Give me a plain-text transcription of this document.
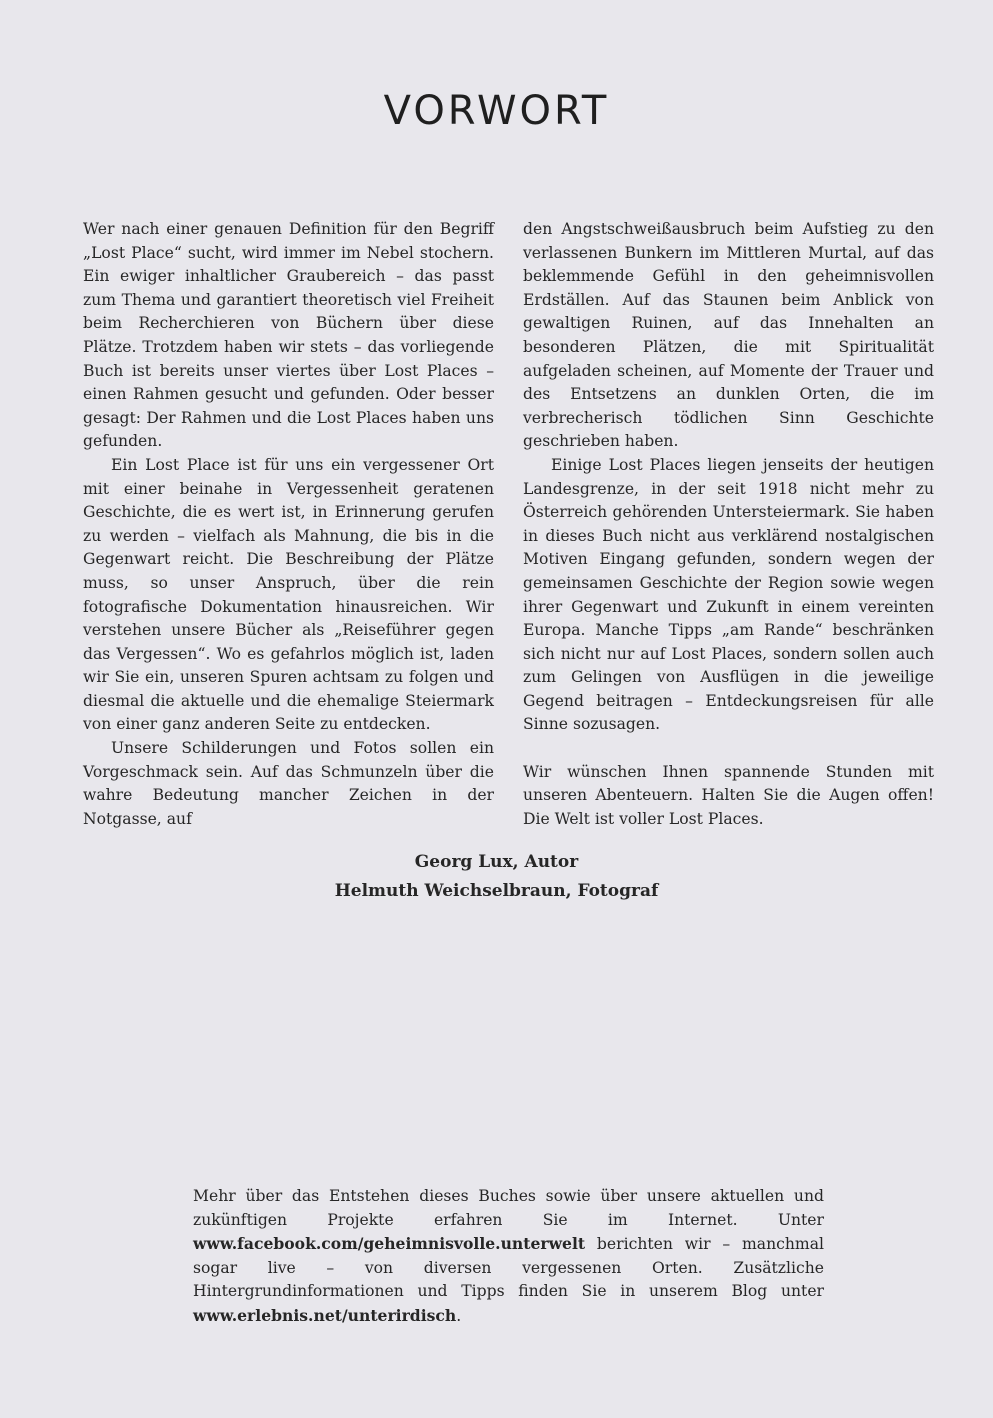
VORWORT

Wer nach einer genauen Definition für den Begriff „Lost Place“ sucht, wird immer im Nebel stochern. Ein ewiger inhaltlicher Graubereich – das passt zum Thema und garantiert theoretisch viel Freiheit beim Recherchieren von Büchern über diese Plätze. Trotzdem haben wir stets – das vorliegende Buch ist bereits unser viertes über Lost Places – einen Rahmen gesucht und gefunden. Oder besser gesagt: Der Rahmen und die Lost Places haben uns gefunden.

Ein Lost Place ist für uns ein vergessener Ort mit einer beinahe in Vergessenheit geratenen Geschichte, die es wert ist, in Erinnerung gerufen zu werden – vielfach als Mahnung, die bis in die Gegenwart reicht. Die Beschreibung der Plätze muss, so unser Anspruch, über die rein fotografische Dokumentation hinausreichen. Wir verstehen unsere Bücher als „Reiseführer gegen das Vergessen“. Wo es gefahrlos möglich ist, laden wir Sie ein, unseren Spuren achtsam zu folgen und diesmal die aktuelle und die ehemalige Steiermark von einer ganz anderen Seite zu entdecken.

Unsere Schilderungen und Fotos sollen ein Vorgeschmack sein. Auf das Schmunzeln über die wahre Bedeutung mancher Zeichen in der Notgasse, auf

den Angstschweißausbruch beim Aufstieg zu den verlassenen Bunkern im Mittleren Murtal, auf das beklemmende Gefühl in den geheimnisvollen Erdställen. Auf das Staunen beim Anblick von gewaltigen Ruinen, auf das Innehalten an besonderen Plätzen, die mit Spiritualität aufgeladen scheinen, auf Momente der Trauer und des Entsetzens an dunklen Orten, die im verbrecherisch tödlichen Sinn Geschichte geschrieben haben.

Einige Lost Places liegen jenseits der heutigen Landesgrenze, in der seit 1918 nicht mehr zu Österreich gehörenden Untersteiermark. Sie haben in dieses Buch nicht aus verklärend nostalgischen Motiven Eingang gefunden, sondern wegen der gemeinsamen Geschichte der Region sowie wegen ihrer Gegenwart und Zukunft in einem vereinten Europa. Manche Tipps „am Rande“ beschränken sich nicht nur auf Lost Places, sondern sollen auch zum Gelingen von Ausflügen in die jeweilige Gegend beitragen – Entdeckungsreisen für alle Sinne sozusagen.

Wir wünschen Ihnen spannende Stunden mit unseren Abenteuern. Halten Sie die Augen offen! Die Welt ist voller Lost Places.

Georg Lux, Autor
Helmuth Weichselbraun, Fotograf

Mehr über das Entstehen dieses Buches sowie über unsere aktuellen und zukünftigen Projekte erfahren Sie im Internet. Unter www.facebook.com/geheimnisvolle.unterwelt berichten wir – manchmal sogar live – von diversen vergessenen Orten. Zusätzliche Hintergrundinformationen und Tipps finden Sie in unserem Blog unter www.erlebnis.net/unterirdisch.
